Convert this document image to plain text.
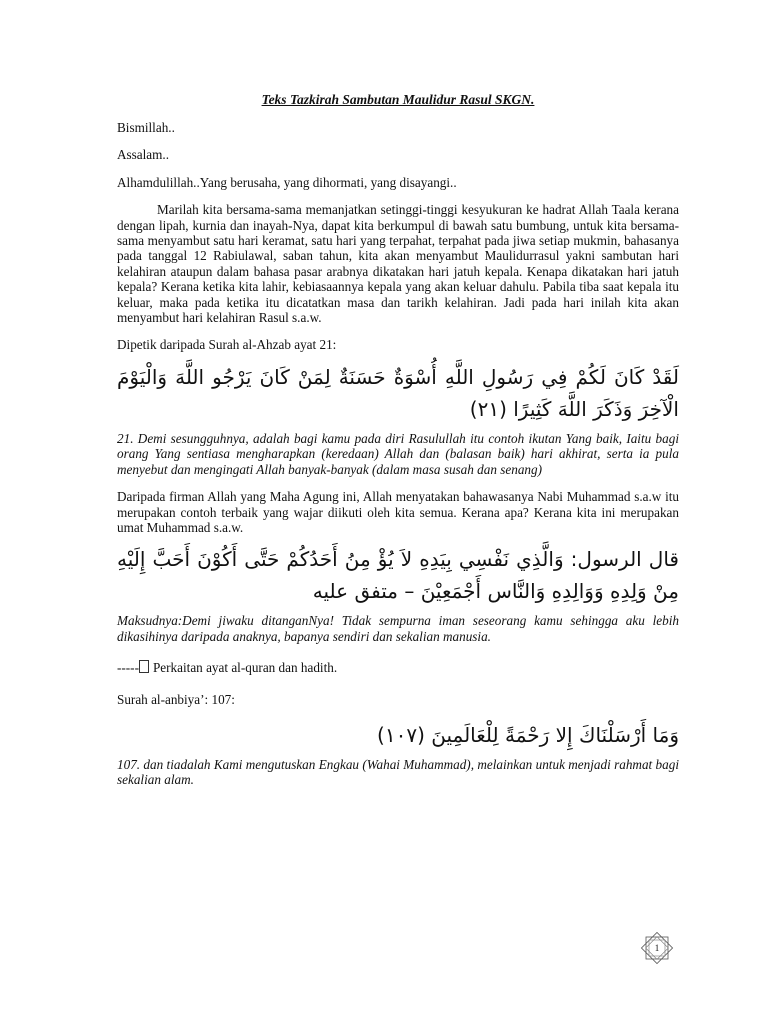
Teks Tazkirah Sambutan Maulidur Rasul SKGN.

Bismillah..

Assalam..

Alhamdulillah..Yang berusaha, yang dihormati, yang disayangi..

Marilah kita bersama-sama memanjatkan setinggi-tinggi kesyukuran ke hadrat Allah Taala kerana dengan lipah, kurnia dan inayah-Nya, dapat kita berkumpul di bawah satu bumbung, untuk kita bersama-sama menyambut satu hari keramat, satu hari yang terpahat, terpahat pada jiwa setiap mukmin, bahasanya pada tanggal 12 Rabiulawal, saban tahun, kita akan menyambut Maulidurrasul yakni sambutan hari kelahiran ataupun dalam bahasa pasar arabnya dikatakan hari jatuh kepala. Kenapa dikatakan hari jatuh kepala? Kerana ketika kita lahir, kebiasaannya kepala yang akan keluar dahulu. Pabila tiba saat kepala itu keluar, maka pada ketika itu dicatatkan masa dan tarikh kelahiran. Jadi pada hari inilah kita akan menyambut hari kelahiran Rasul s.a.w.

Dipetik daripada Surah al-Ahzab ayat 21:

لَقَدْ كَانَ لَكُمْ فِي رَسُولِ اللَّهِ أُسْوَةٌ حَسَنَةٌ لِمَنْ كَانَ يَرْجُو اللَّهَ وَالْيَوْمَ الْآخِرَ وَذَكَرَ اللَّهَ كَثِيرًا (٢١)

21. Demi sesungguhnya, adalah bagi kamu pada diri Rasulullah itu contoh ikutan Yang baik, Iaitu bagi orang Yang sentiasa mengharapkan (keredaan) Allah dan (balasan baik) hari akhirat, serta ia pula menyebut dan mengingati Allah banyak-banyak (dalam masa susah dan senang)

Daripada firman Allah yang Maha Agung ini, Allah menyatakan bahawasanya Nabi Muhammad s.a.w itu merupakan contoh terbaik yang wajar diikuti oleh kita semua. Kerana apa? Kerana kita ini merupakan umat Muhammad s.a.w.

قال الرسول: وَالَّذِي نَفْسِي بِيَدِهِ لاَ يُؤْ مِنُ أَحَدُكُمْ حَتَّى أَكُوْنَ أَحَبَّ إِلَيْهِ مِنْ وَلِدِهِ وَوَالِدِهِ وَالنَّاس أَجْمَعِيْنَ – متفق عليه

Maksudnya:Demi jiwaku ditanganNya! Tidak sempurna iman seseorang kamu sehingga aku lebih dikasihinya daripada anaknya, bapanya sendiri dan sekalian manusia.

----- Perkaitan ayat al-quran dan hadith.

Surah al-anbiya’: 107:

وَمَا أَرْسَلْنَاكَ إِلا رَحْمَةً لِلْعَالَمِينَ (١٠٧)

107. dan tiadalah Kami mengutuskan Engkau (Wahai Muhammad), melainkan untuk menjadi rahmat bagi sekalian alam.

1
